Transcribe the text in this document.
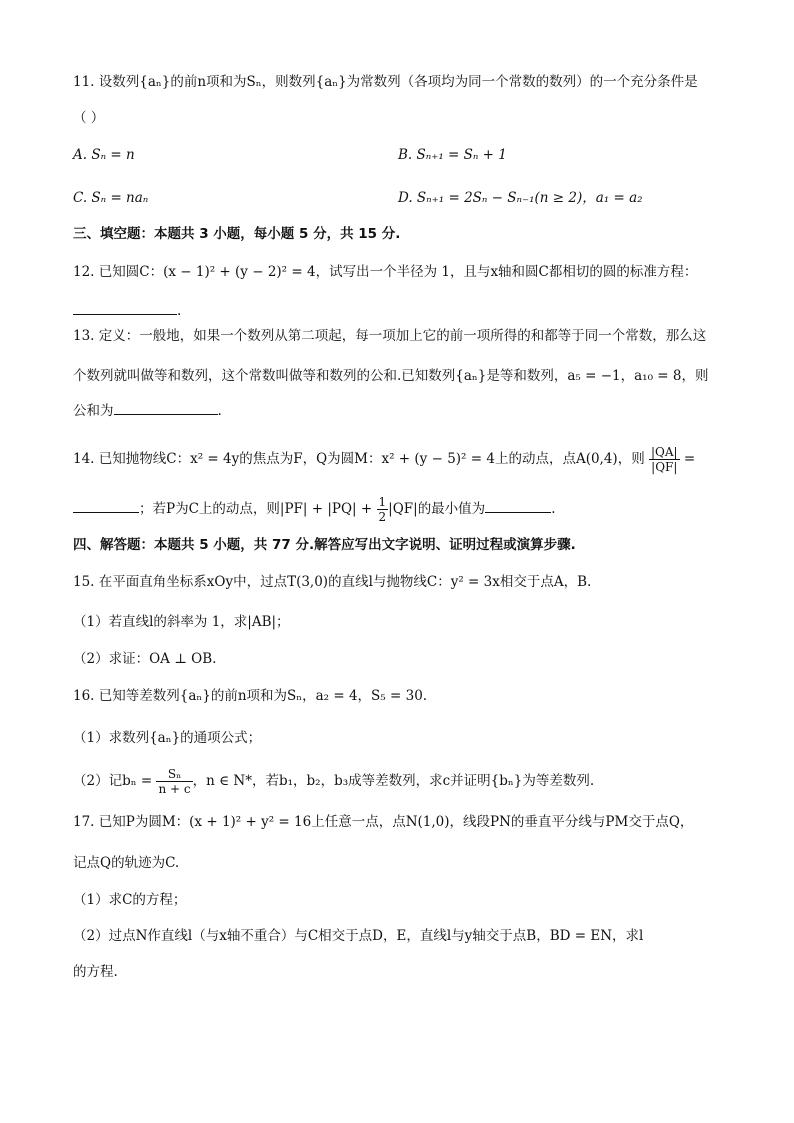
11. 设数列{aₙ}的前n项和为Sₙ，则数列{aₙ}为常数列（各项均为同一个常数的数列）的一个充分条件是
（ ）
A. Sₙ = n	B. Sₙ₊₁ = Sₙ + 1
C. Sₙ = naₙ	D. Sₙ₊₁ = 2Sₙ − Sₙ₋₁(n ≥ 2)，a₁ = a₂
三、填空题：本题共 3 小题，每小题 5 分，共 15 分.
12. 已知圆C：(x − 1)² + (y − 2)² = 4，试写出一个半径为 1，且与x轴和圆C都相切的圆的标准方程：
.
13. 定义：一般地，如果一个数列从第二项起，每一项加上它的前一项所得的和都等于同一个常数，那么这
个数列就叫做等和数列，这个常数叫做等和数列的公和.已知数列{aₙ}是等和数列，a₅ = −1，a₁₀ = 8，则
公和为	.
14. 已知抛物线C：x² = 4y的焦点为F，Q为圆M：x² + (y − 5)² = 4上的动点，点A(0,4)，则 $\frac{|QA|}{|QF|}$ =
；若P为C上的动点，则$|PF| + |PQ| + \frac{1}{2} |QF|$的最小值为	.
四、解答题：本题共 5 小题，共 77 分.解答应写出文字说明、证明过程或演算步骤.
15. 在平面直角坐标系xOy中，过点T(3,0)的直线l与抛物线C：y² = 3x相交于点A，B.
（1）若直线l的斜率为 1，求|AB|；
（2）求证：OA ⊥ OB.
16. 已知等差数列{aₙ}的前n项和为Sₙ，a₂ = 4，S₅ = 30.
（1）求数列{aₙ}的通项公式；
（2）记$b_n = \frac{\text{Sₙ}}{n + c}$ ，n ∈ N*，若b₁，b₂，b₃成等差数列，求c并证明{bₙ}为等差数列.
17. 已知P为圆M：(x + 1)² + y² = 16上任意一点，点N(1,0)，线段PN的垂直平分线与PM交于点Q，
记点Q的轨迹为C.
（1）求C的方程；
（2）过点N作直线l（与x轴不重合）与C相交于点D，E，直线l与y轴交于点B，BD = EN，求l
的方程.
